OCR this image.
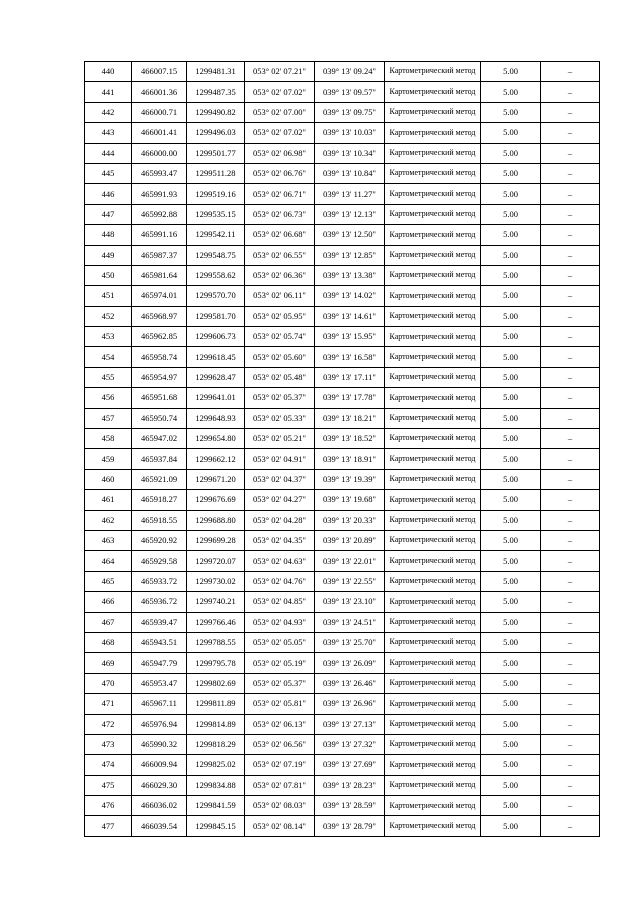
440	466007.15	1299481.31	053° 02' 07.21"	039° 13' 09.24"	Картометрический метод	5.00	–
441	466001.36	1299487.35	053° 02' 07.02"	039° 13' 09.57"	Картометрический метод	5.00	–
442	466000.71	1299490.82	053° 02' 07.00"	039° 13' 09.75"	Картометрический метод	5.00	–
443	466001.41	1299496.03	053° 02' 07.02"	039° 13' 10.03"	Картометрический метод	5.00	–
444	466000.00	1299501.77	053° 02' 06.98"	039° 13' 10.34"	Картометрический метод	5.00	–
445	465993.47	1299511.28	053° 02' 06.76"	039° 13' 10.84"	Картометрический метод	5.00	–
446	465991.93	1299519.16	053° 02' 06.71"	039° 13' 11.27"	Картометрический метод	5.00	–
447	465992.88	1299535.15	053° 02' 06.73"	039° 13' 12.13"	Картометрический метод	5.00	–
448	465991.16	1299542.11	053° 02' 06.68"	039° 13' 12.50"	Картометрический метод	5.00	–
449	465987.37	1299548.75	053° 02' 06.55"	039° 13' 12.85"	Картометрический метод	5.00	–
450	465981.64	1299558.62	053° 02' 06.36"	039° 13' 13.38"	Картометрический метод	5.00	–
451	465974.01	1299570.70	053° 02' 06.11"	039° 13' 14.02"	Картометрический метод	5.00	–
452	465968.97	1299581.70	053° 02' 05.95"	039° 13' 14.61"	Картометрический метод	5.00	–
453	465962.85	1299606.73	053° 02' 05.74"	039° 13' 15.95"	Картометрический метод	5.00	–
454	465958.74	1299618.45	053° 02' 05.60"	039° 13' 16.58"	Картометрический метод	5.00	–
455	465954.97	1299628.47	053° 02' 05.48"	039° 13' 17.11"	Картометрический метод	5.00	–
456	465951.68	1299641.01	053° 02' 05.37"	039° 13' 17.78"	Картометрический метод	5.00	–
457	465950.74	1299648.93	053° 02' 05.33"	039° 13' 18.21"	Картометрический метод	5.00	–
458	465947.02	1299654.80	053° 02' 05.21"	039° 13' 18.52"	Картометрический метод	5.00	–
459	465937.84	1299662.12	053° 02' 04.91"	039° 13' 18.91"	Картометрический метод	5.00	–
460	465921.09	1299671.20	053° 02' 04.37"	039° 13' 19.39"	Картометрический метод	5.00	–
461	465918.27	1299676.69	053° 02' 04.27"	039° 13' 19.68"	Картометрический метод	5.00	–
462	465918.55	1299688.80	053° 02' 04.28"	039° 13' 20.33"	Картометрический метод	5.00	–
463	465920.92	1299699.28	053° 02' 04.35"	039° 13' 20.89"	Картометрический метод	5.00	–
464	465929.58	1299720.07	053° 02' 04.63"	039° 13' 22.01"	Картометрический метод	5.00	–
465	465933.72	1299730.02	053° 02' 04.76"	039° 13' 22.55"	Картометрический метод	5.00	–
466	465936.72	1299740.21	053° 02' 04.85"	039° 13' 23.10"	Картометрический метод	5.00	–
467	465939.47	1299766.46	053° 02' 04.93"	039° 13' 24.51"	Картометрический метод	5.00	–
468	465943.51	1299788.55	053° 02' 05.05"	039° 13' 25.70"	Картометрический метод	5.00	–
469	465947.79	1299795.78	053° 02' 05.19"	039° 13' 26.09"	Картометрический метод	5.00	–
470	465953.47	1299802.69	053° 02' 05.37"	039° 13' 26.46"	Картометрический метод	5.00	–
471	465967.11	1299811.89	053° 02' 05.81"	039° 13' 26.96"	Картометрический метод	5.00	–
472	465976.94	1299814.89	053° 02' 06.13"	039° 13' 27.13"	Картометрический метод	5.00	–
473	465990.32	1299818.29	053° 02' 06.56"	039° 13' 27.32"	Картометрический метод	5.00	–
474	466009.94	1299825.02	053° 02' 07.19"	039° 13' 27.69"	Картометрический метод	5.00	–
475	466029.30	1299834.88	053° 02' 07.81"	039° 13' 28.23"	Картометрический метод	5.00	–
476	466036.02	1299841.59	053° 02' 08.03"	039° 13' 28.59"	Картометрический метод	5.00	–
477	466039.54	1299845.15	053° 02' 08.14"	039° 13' 28.79"	Картометрический метод	5.00	–
